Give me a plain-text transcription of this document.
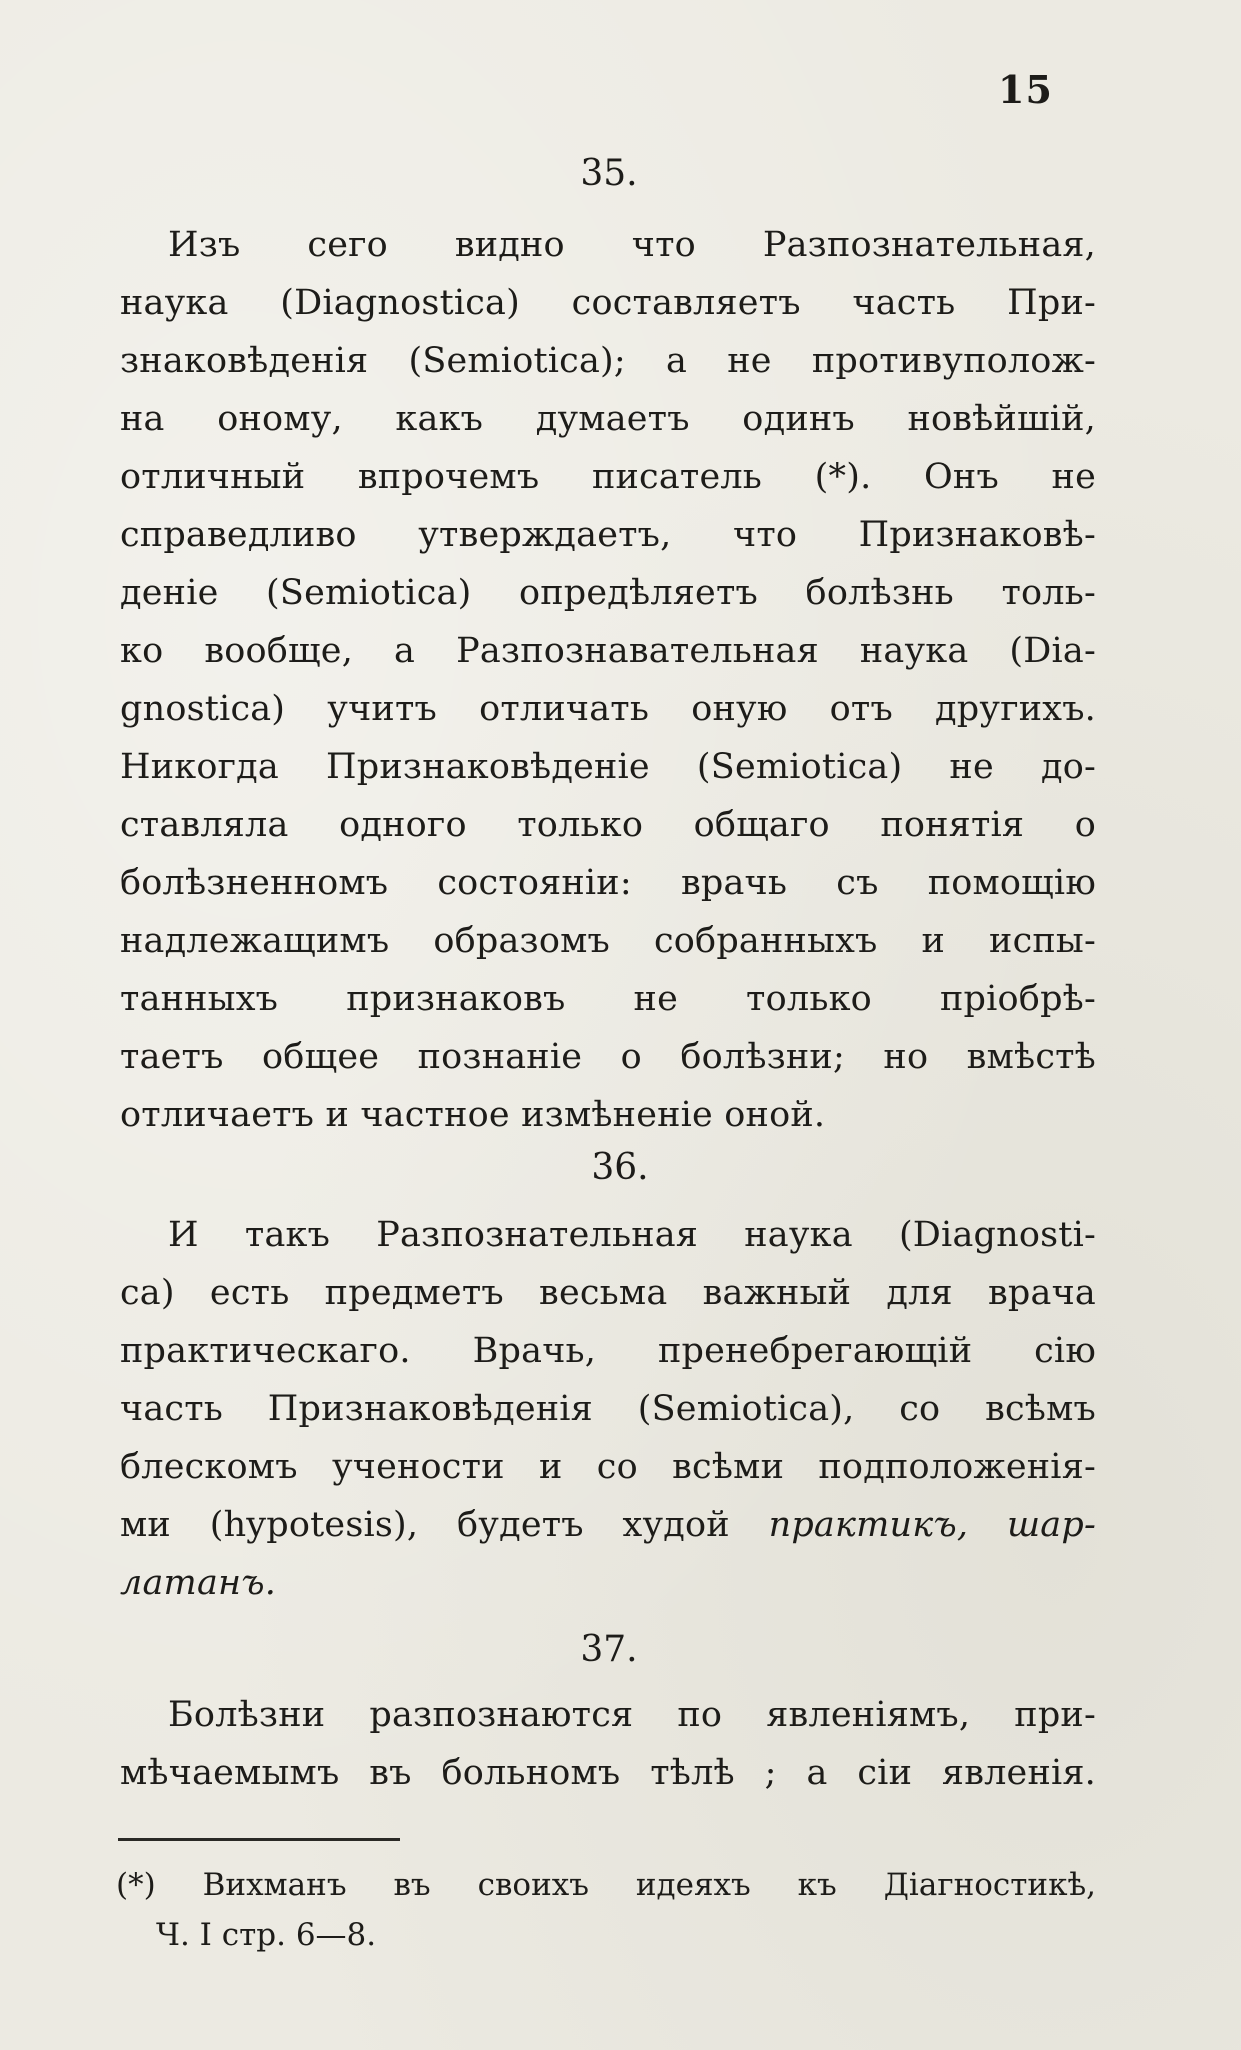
15
35.
Изъ сего видно что Разпознательная,
наука (Diagnostica) составляетъ часть При-
знаковѣденія (Semiotica); а не противуполож-
на оному, какъ думаетъ одинъ новѣйшій,
отличный впрочемъ писатель (*). Онъ не
справедливо утверждаетъ, что Признаковѣ-
деніе (Semiotica) опредѣляетъ болѣзнь толь-
ко вообще, а Разпознавательная наука (Dia-
gnostica) учитъ отличать оную отъ другихъ.
Никогда Признаковѣденіе (Semiotica) не до-
ставляла одного только общаго понятія о
болѣзненномъ состояніи: врачь съ помощію
надлежащимъ образомъ собранныхъ и испы-
танныхъ признаковъ не только пріобрѣ-
таетъ общее познаніе о болѣзни; но вмѣстѣ
отличаетъ и частное измѣненіе оной.
36.
И такъ Разпознательная наука (Diagnosti-
ca) есть предметъ весьма важный для врача
практическаго. Врачь, пренебрегающій сію
часть Признаковѣденія (Semiotica), со всѣмъ
блескомъ учености и со всѣми подположенія-
ми (hypotesis), будетъ худой практикъ, шар-
латанъ.
37.
Болѣзни разпознаются по явленіямъ, при-
мѣчаемымъ въ больномъ тѣлѣ ; а сіи явленія.
(*) Вихманъ въ своихъ идеяхъ къ Діагностикѣ,
Ч. I стр. 6—8.
